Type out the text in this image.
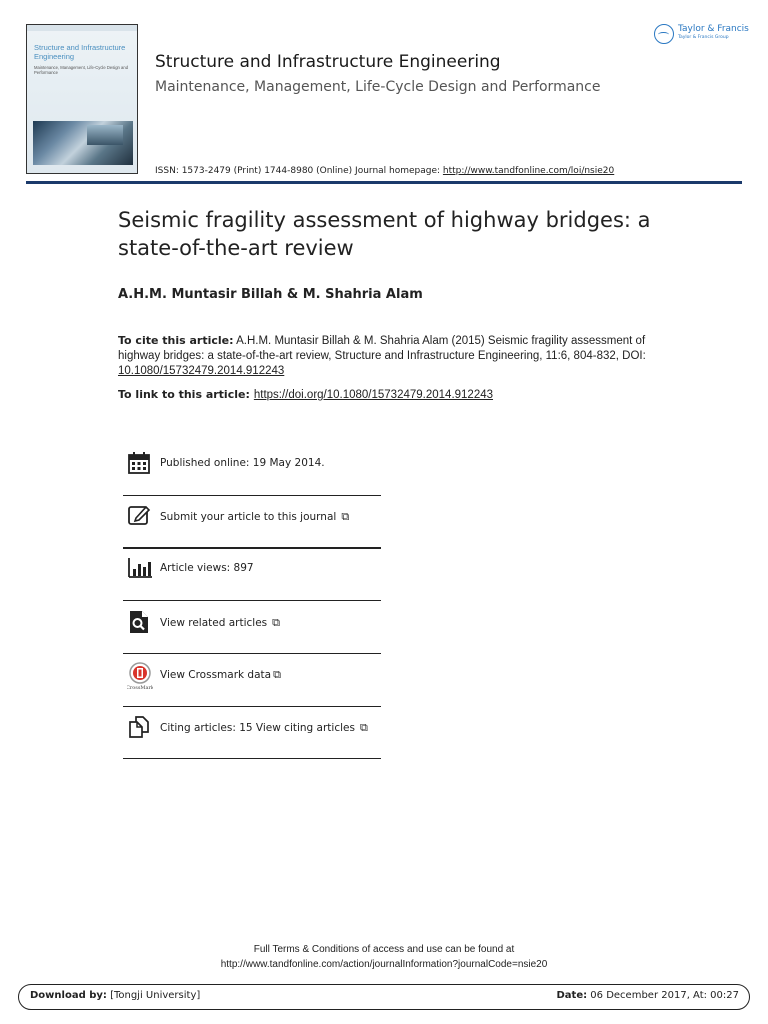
Structure and Infrastructure Engineering
Maintenance, Management, Life-Cycle Design and Performance
Structure and Infrastructure Engineering
Maintenance, Management, Life-Cycle Design and Performance
ISSN: 1573-2479 (Print) 1744-8980 (Online) Journal homepage: http://www.tandfonline.com/loi/nsie20
Taylor & Francis
Taylor & Francis Group
Seismic fragility assessment of highway bridges: a state-of-the-art review
A.H.M. Muntasir Billah & M. Shahria Alam
To cite this article: A.H.M. Muntasir Billah & M. Shahria Alam (2015) Seismic fragility assessment of highway bridges: a state-of-the-art review, Structure and Infrastructure Engineering, 11:6, 804-832, DOI: 10.1080/15732479.2014.912243
To link to this article: https://doi.org/10.1080/15732479.2014.912243
Published online: 19 May 2014.
Submit your article to this journal ⧉
Article views: 897
View related articles ⧉
CrossMark
View Crossmark data ⧉
Citing articles: 15 View citing articles ⧉
Full Terms & Conditions of access and use can be found at
http://www.tandfonline.com/action/journalInformation?journalCode=nsie20
Download by: [Tongji University]	Date: 06 December 2017, At: 00:27
